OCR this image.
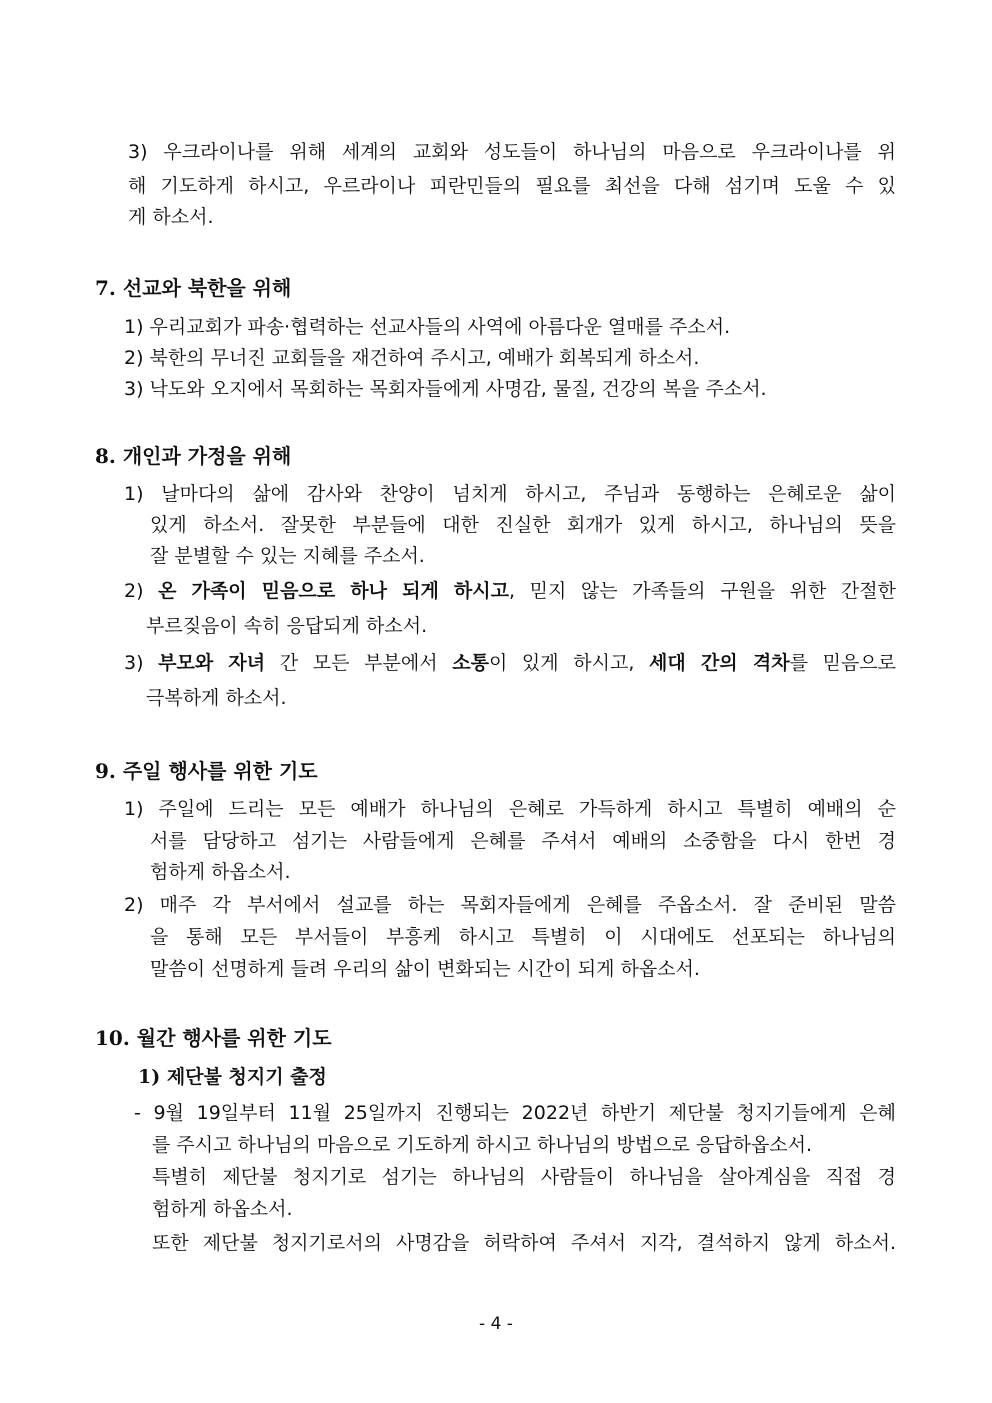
3) 우크라이나를 위해 세계의 교회와 성도들이 하나님의 마음으로 우크라이나를 위
해 기도하게 하시고, 우르라이나 피란민들의 필요를 최선을 다해 섬기며 도울 수 있
게 하소서.
7. 선교와 북한을 위해
1) 우리교회가 파송·협력하는 선교사들의 사역에 아름다운 열매를 주소서.
2) 북한의 무너진 교회들을 재건하여 주시고, 예배가 회복되게 하소서.
3) 낙도와 오지에서 목회하는 목회자들에게 사명감, 물질, 건강의 복을 주소서.
8. 개인과 가정을 위해
1) 날마다의 삶에 감사와 찬양이 넘치게 하시고, 주님과 동행하는 은혜로운 삶이
있게 하소서. 잘못한 부분들에 대한 진실한 회개가 있게 하시고, 하나님의 뜻을
잘 분별할 수 있는 지혜를 주소서.
2) 온 가족이 믿음으로 하나 되게 하시고, 믿지 않는 가족들의 구원을 위한 간절한
부르짖음이 속히 응답되게 하소서.
3) 부모와 자녀 간 모든 부분에서 소통이 있게 하시고, 세대 간의 격차를 믿음으로
극복하게 하소서.
9. 주일 행사를 위한 기도
1) 주일에 드리는 모든 예배가 하나님의 은혜로 가득하게 하시고 특별히 예배의 순
서를 담당하고 섬기는 사람들에게 은혜를 주셔서 예배의 소중함을 다시 한번 경
험하게 하옵소서.
2) 매주 각 부서에서 설교를 하는 목회자들에게 은혜를 주옵소서. 잘 준비된 말씀
을 통해 모든 부서들이 부흥케 하시고 특별히 이 시대에도 선포되는 하나님의
말씀이 선명하게 들려 우리의 삶이 변화되는 시간이 되게 하옵소서.
10. 월간 행사를 위한 기도
1) 제단불 청지기 출정
- 9월 19일부터 11월 25일까지 진행되는 2022년 하반기 제단불 청지기들에게 은혜
를 주시고 하나님의 마음으로 기도하게 하시고 하나님의 방법으로 응답하옵소서.
특별히 제단불 청지기로 섬기는 하나님의 사람들이 하나님을 살아계심을 직접 경
험하게 하옵소서.
또한 제단불 청지기로서의 사명감을 허락하여 주셔서 지각, 결석하지 않게 하소서.
- 4 -
